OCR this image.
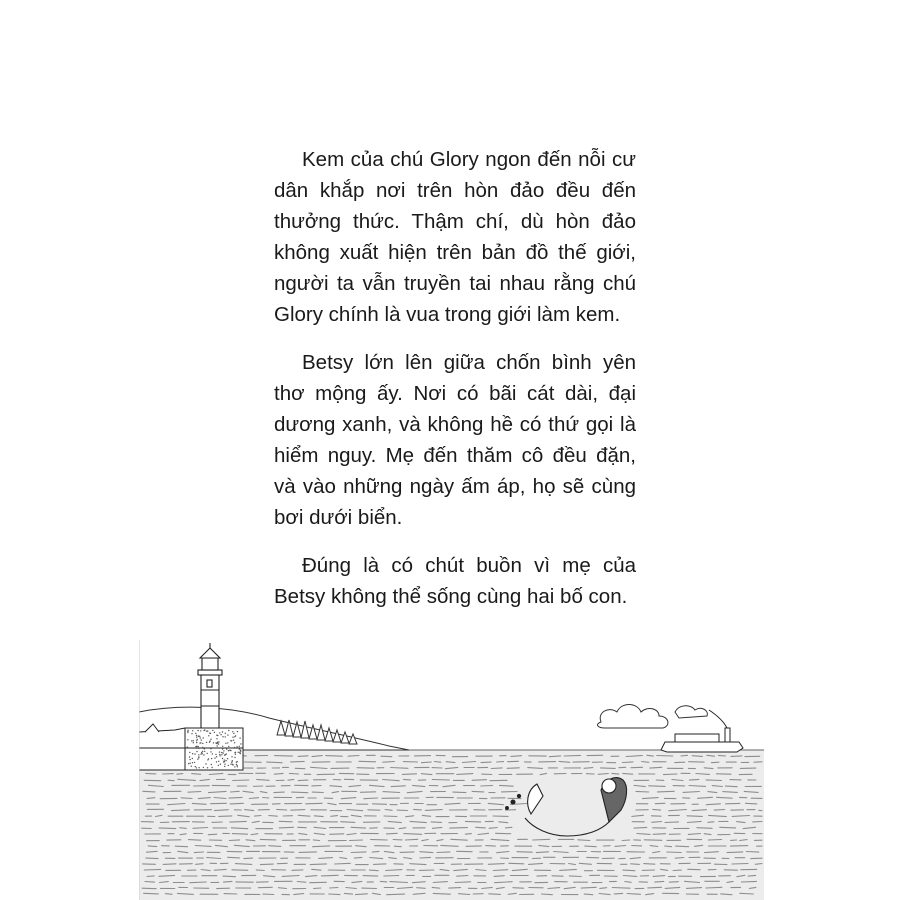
Kem của chú Glory ngon đến nỗi cư dân khắp nơi trên hòn đảo đều đến thưởng thức. Thậm chí, dù hòn đảo không xuất hiện trên bản đồ thế giới, người ta vẫn truyền tai nhau rằng chú Glory chính là vua trong giới làm kem.

Betsy lớn lên giữa chốn bình yên thơ mộng ấy. Nơi có bãi cát dài, đại dương xanh, và không hề có thứ gọi là hiểm nguy. Mẹ đến thăm cô đều đặn, và vào những ngày ấm áp, họ sẽ cùng bơi dưới biển.

Đúng là có chút buồn vì mẹ của Betsy không thể sống cùng hai bố con.
